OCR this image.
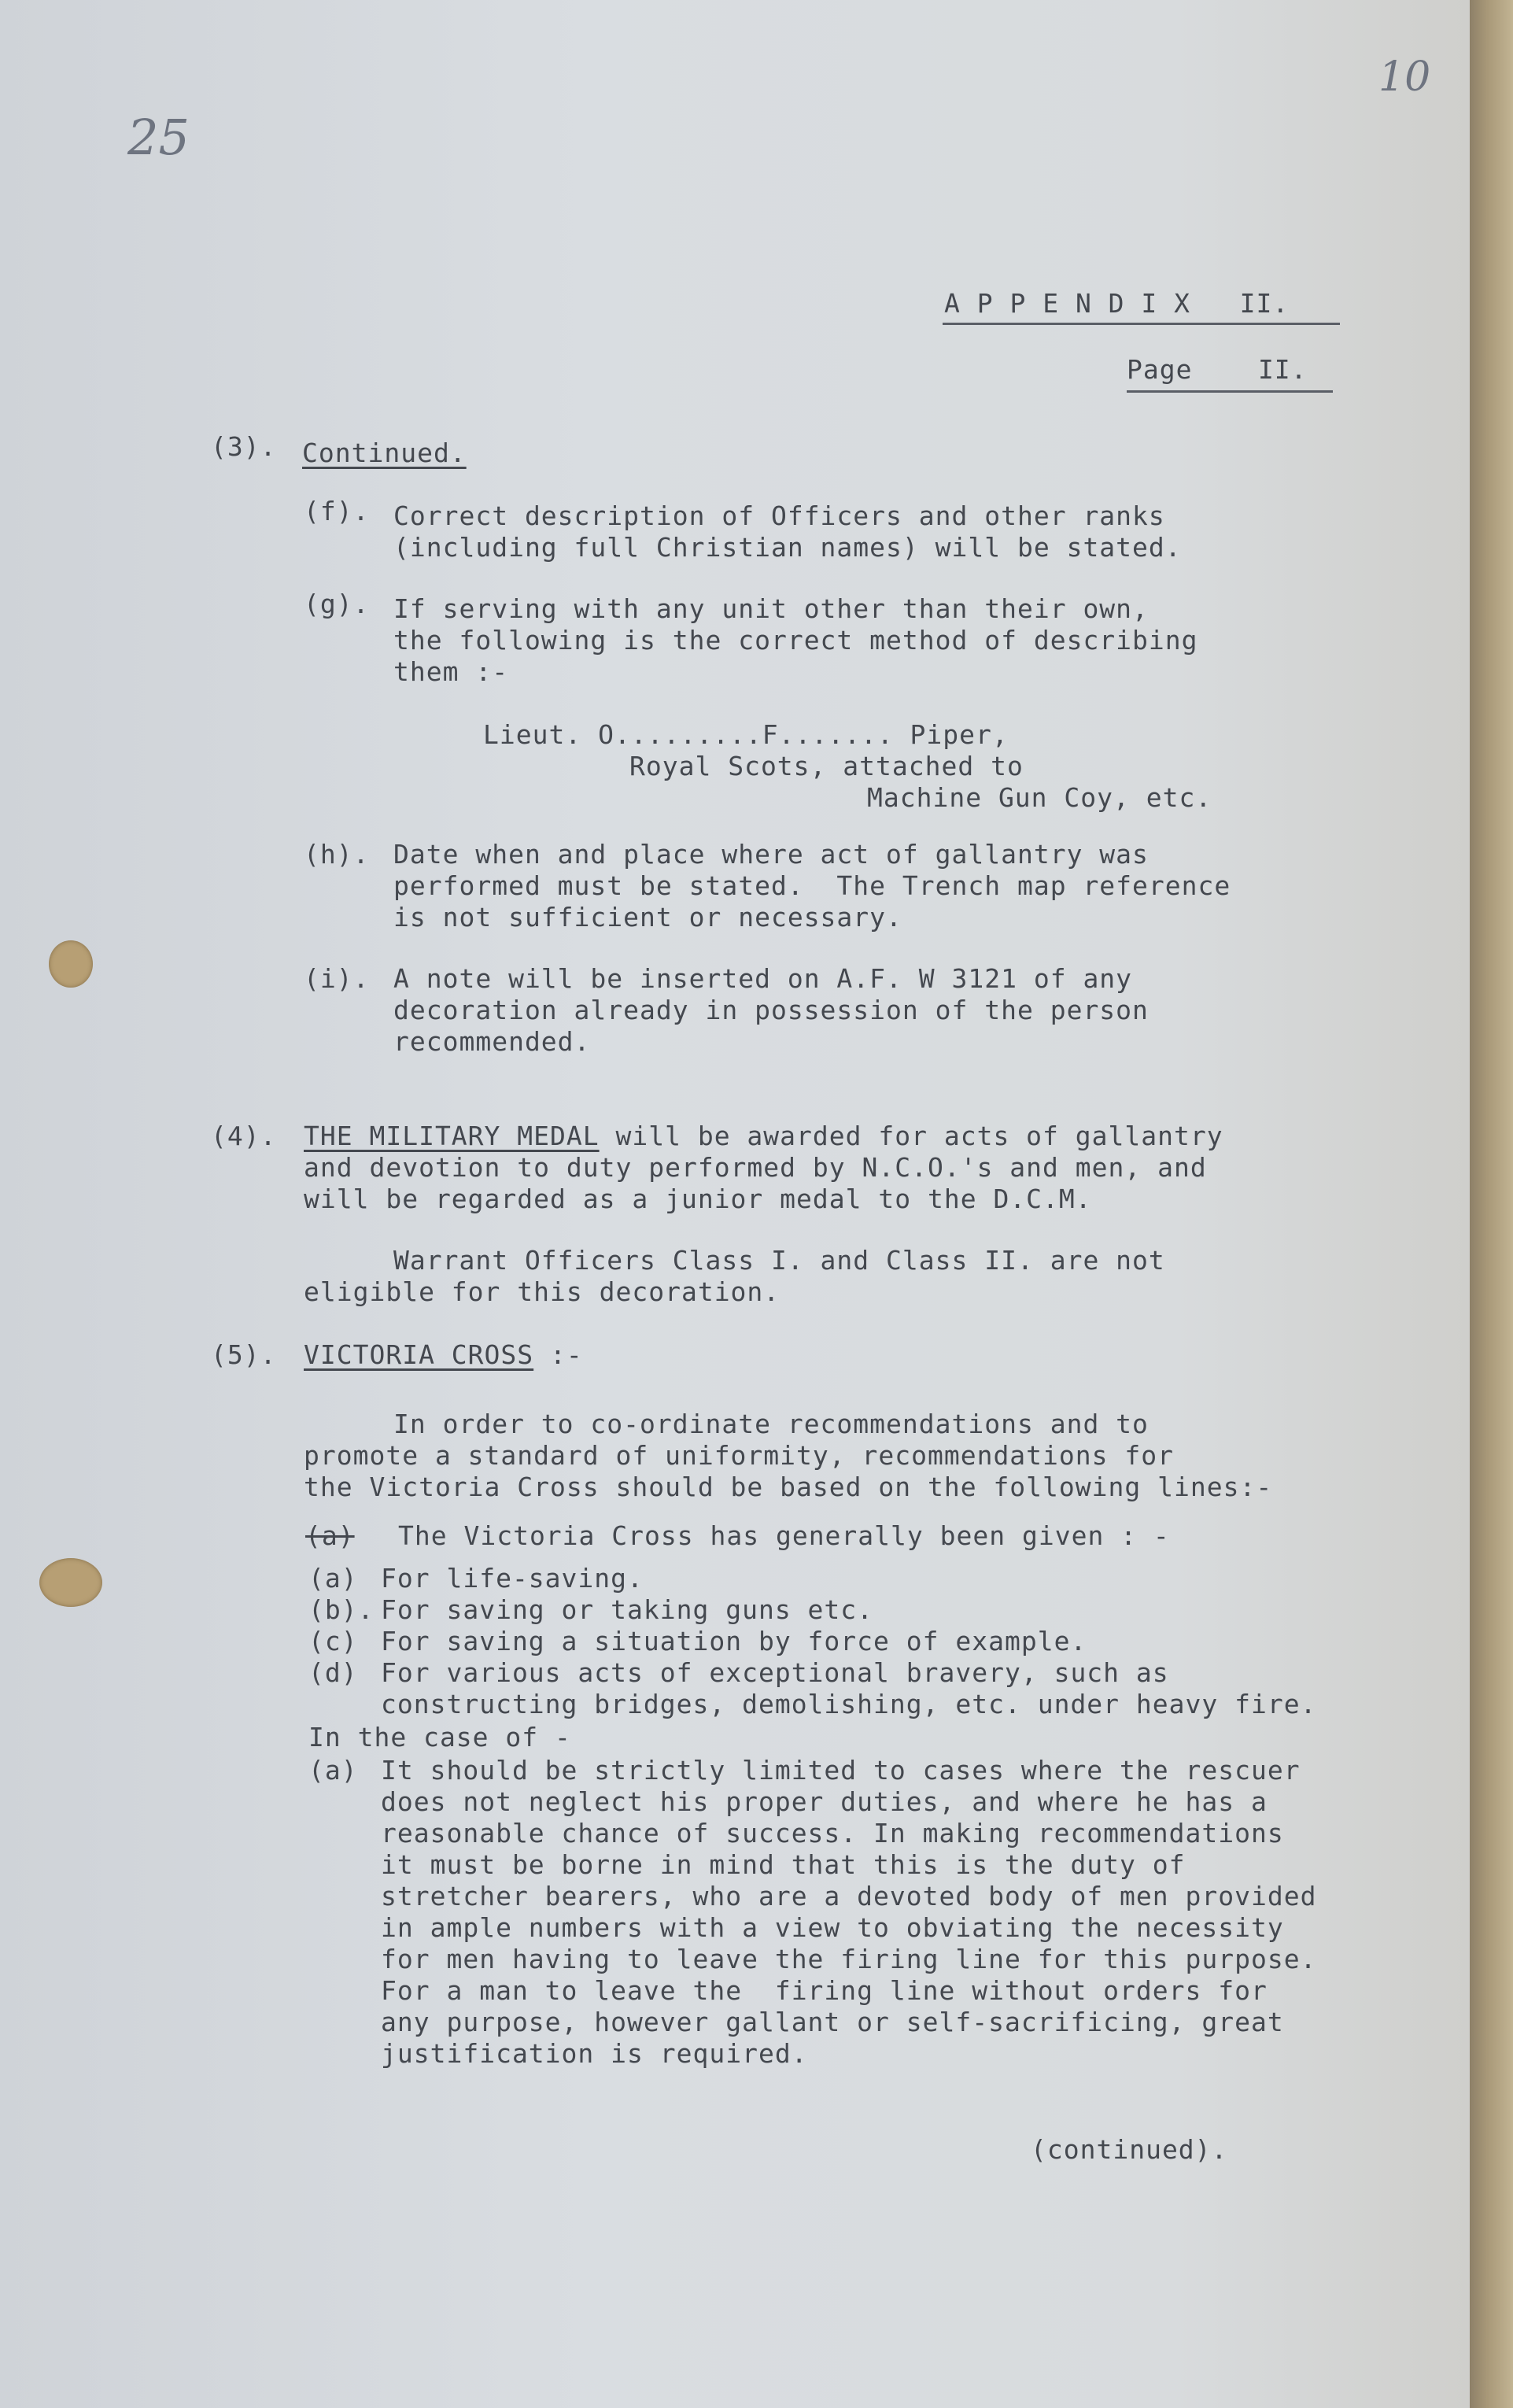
10
25
A P P E N D I X   II.
Page    II.
(3). Continued.
(f). Correct description of Officers and other ranks
(including full Christian names) will be stated.
(g). If serving with any unit other than their own,
the following is the correct method of describing
them :-
Lieut. O.........F....... Piper,
Royal Scots, attached to
Machine Gun Coy, etc.
(h). Date when and place where act of gallantry was
performed must be stated.  The Trench map reference
is not sufficient or necessary.
(i). A note will be inserted on A.F. W 3121 of any
decoration already in possession of the person
recommended.
(4). THE MILITARY MEDAL will be awarded for acts of gallantry
and devotion to duty performed by N.C.O.'s and men, and
will be regarded as a junior medal to the D.C.M.
Warrant Officers Class I. and Class II. are not
eligible for this decoration.
(5). VICTORIA CROSS :-
In order to co-ordinate recommendations and to
promote a standard of uniformity, recommendations for
the Victoria Cross should be based on the following lines:-
(a) The Victoria Cross has generally been given : -
(a) For life-saving.
(b). For saving or taking guns etc.
(c) For saving a situation by force of example.
(d) For various acts of exceptional bravery, such as
constructing bridges, demolishing, etc. under heavy fire.
In the case of -
(a) It should be strictly limited to cases where the rescuer
does not neglect his proper duties, and where he has a
reasonable chance of success. In making recommendations
it must be borne in mind that this is the duty of
stretcher bearers, who are a devoted body of men provided
in ample numbers with a view to obviating the necessity
for men having to leave the firing line for this purpose.
For a man to leave the  firing line without orders for
any purpose, however gallant or self-sacrificing, great
justification is required.
(continued).
